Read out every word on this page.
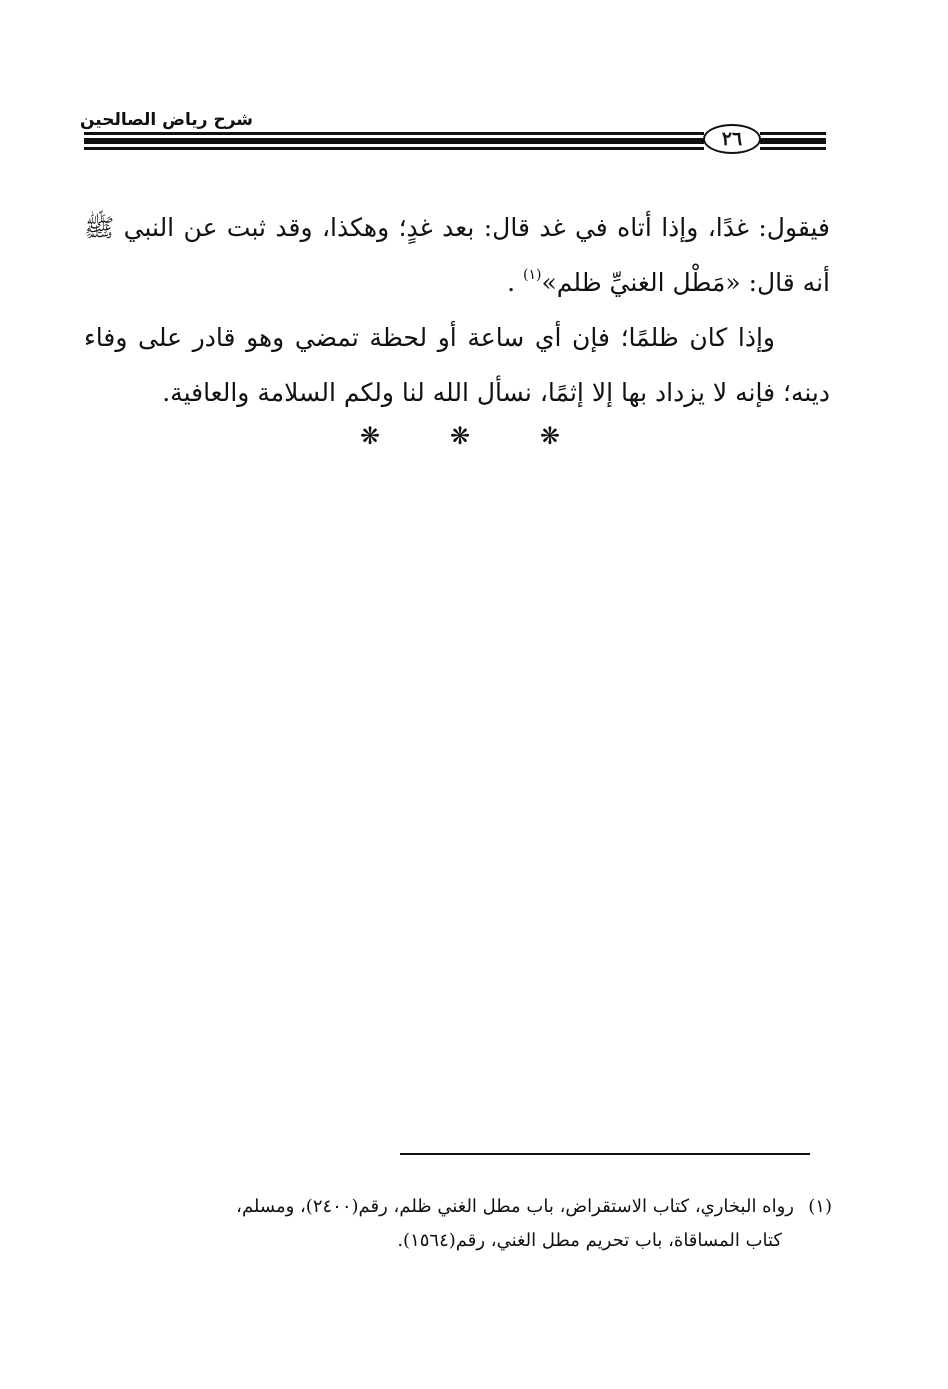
شرح رياض الصالحين
٢٦

فيقول: غدًا، وإذا أتاه في غد قال: بعد غدٍ؛ وهكذا، وقد ثبت عن النبي ﷺ أنه قال: «مَطْل الغنيِّ ظلم»$^{(١)}$ .

وإذا كان ظلمًا؛ فإن أي ساعة أو لحظة تمضي وهو قادر على وفاء دينه؛ فإنه لا يزداد بها إلا إثمًا، نسأل الله لنا ولكم السلامة والعافية.

❋
❋
❋
(١)رواه البخاري، كتاب الاستقراض، باب مطل الغني ظلم، رقم(٢٤٠٠)، ومسلم،
كتاب المساقاة، باب تحريم مطل الغني، رقم(١٥٦٤).
